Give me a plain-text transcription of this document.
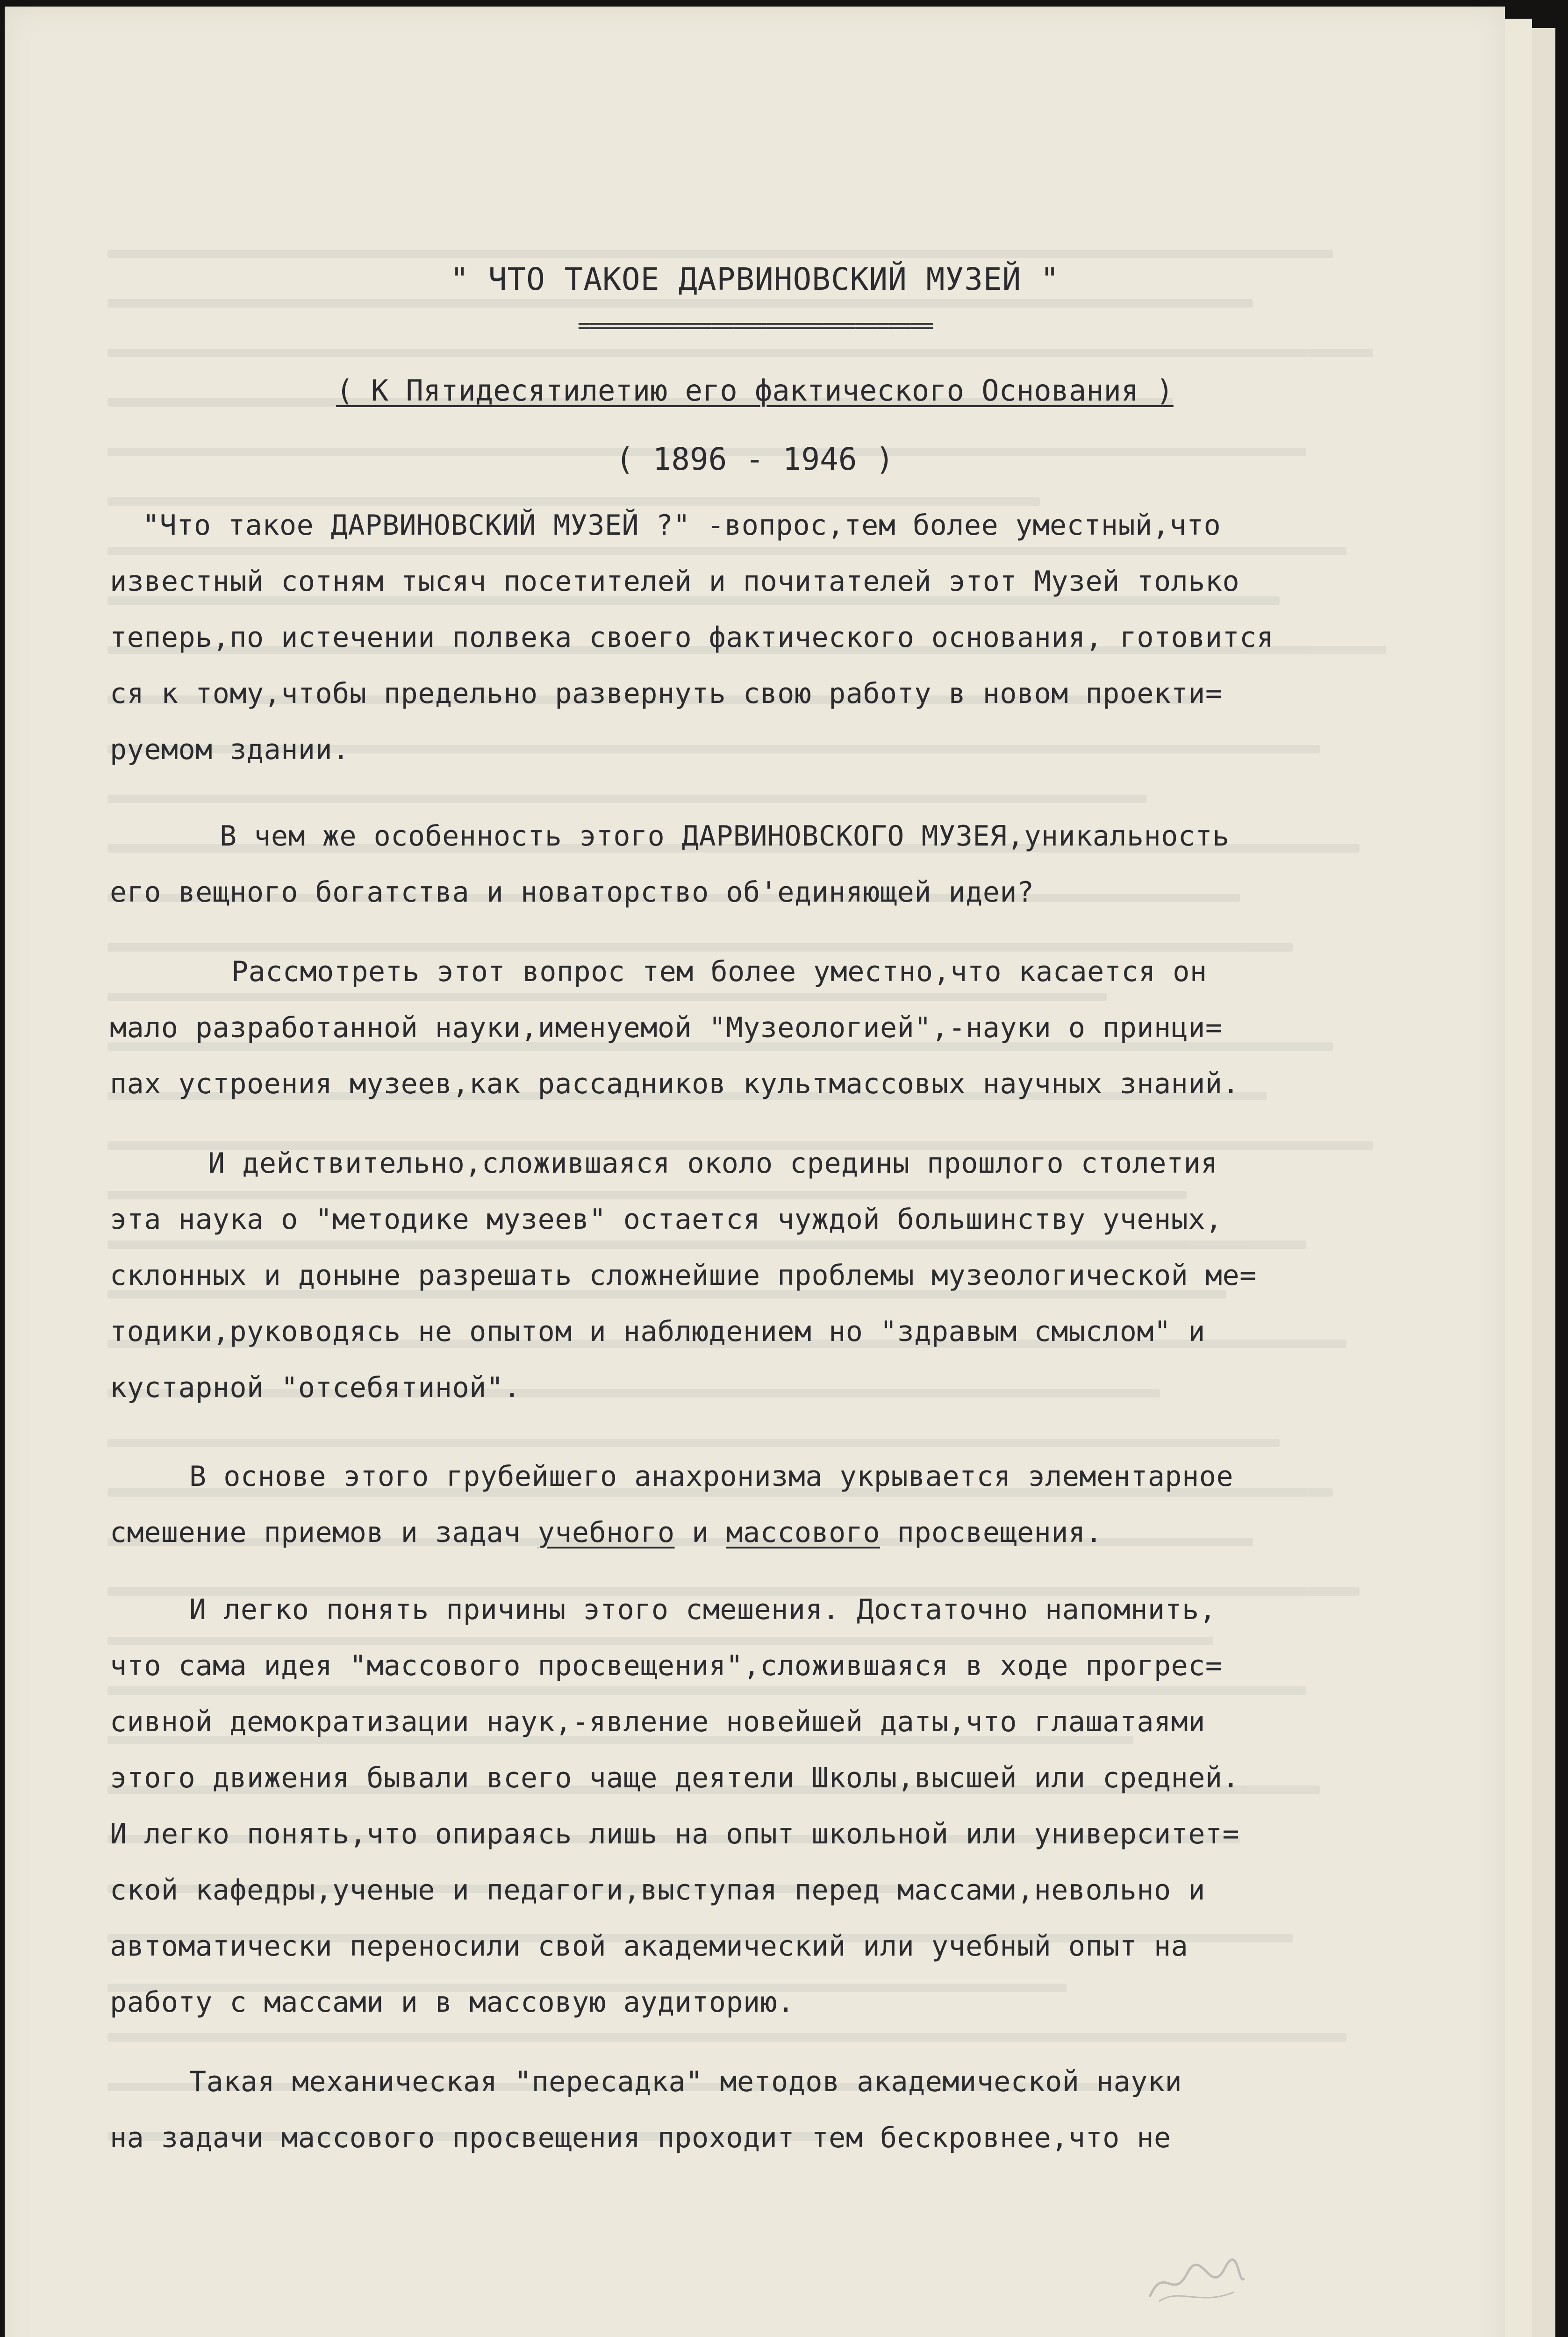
" ЧТО ТАКОЕ ДАРВИНОВСКИЙ МУЗЕЙ "
================================
( К Пятидесятилетию его фактического Основания )
( 1896 - 1946 )
"Что такое ДАРВИНОВСКИЙ МУЗЕЙ ?" -вопрос,тем более уместный,что
известный сотням тысяч посетителей и почитателей этот Музей только
теперь,по истечении полвека своего фактического основания, готовится
ся к тому,чтобы предельно развернуть свою работу в новом проекти=
руемом здании.
В чем же особенность этого ДАРВИНОВСКОГО МУЗЕЯ,уникальность
его вещного богатства и новаторство об'единяющей идеи?
Рассмотреть этот вопрос тем более уместно,что касается он
мало разработанной науки,именуемой "Музеологией",-науки о принци=
пах устроения музеев,как рассадников культмассовых научных знаний.
И действительно,сложившаяся около средины прошлого столетия
эта наука о "методике музеев" остается чуждой большинству ученых,
склонных и доныне разрешать сложнейшие проблемы музеологической ме=
тодики,руководясь не опытом и наблюдением но "здравым смыслом" и
кустарной "отсебятиной".
В основе этого грубейшего анахронизма укрывается элементарное
смешение приемов и задач учебного и массового просвещения.
И легко понять причины этого смешения. Достаточно напомнить,
что сама идея "массового просвещения",сложившаяся в ходе прогрес=
сивной демократизации наук,-явление новейшей даты,что глашатаями
этого движения бывали всего чаще деятели Школы,высшей или средней.
И легко понять,что опираясь лишь на опыт школьной или университет=
ской кафедры,ученые и педагоги,выступая перед массами,невольно и
автоматически переносили свой академический или учебный опыт на
работу с массами и в массовую аудиторию.
Такая механическая "пересадка" методов академической науки
на задачи массового просвещения проходит тем бескровнее,что не
